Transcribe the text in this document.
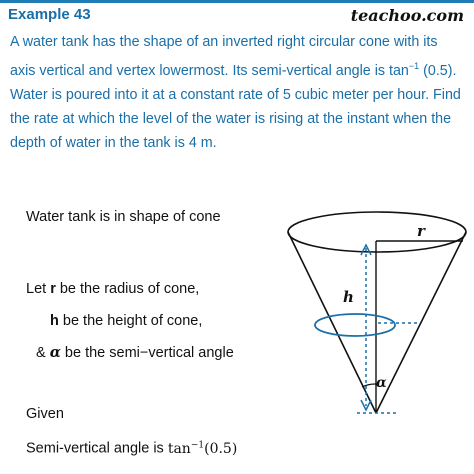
Example 43	teachoo.com
A water tank has the shape of an inverted right circular cone with its axis vertical and vertex lowermost. Its semi-vertical angle is $\tan^{-1} (0.5)$. Water is poured into it at a constant rate of 5 cubic meter per hour. Find the rate at which the level of the water is rising at the instant when the depth of water in the tank is 4 m.
Water tank is in shape of cone
Let r be the radius of cone,
h be the height of cone,
& α be the semi−vertical angle
Given
Semi-vertical angle is $\tan^{-1}(0.5)$
r
h
α
